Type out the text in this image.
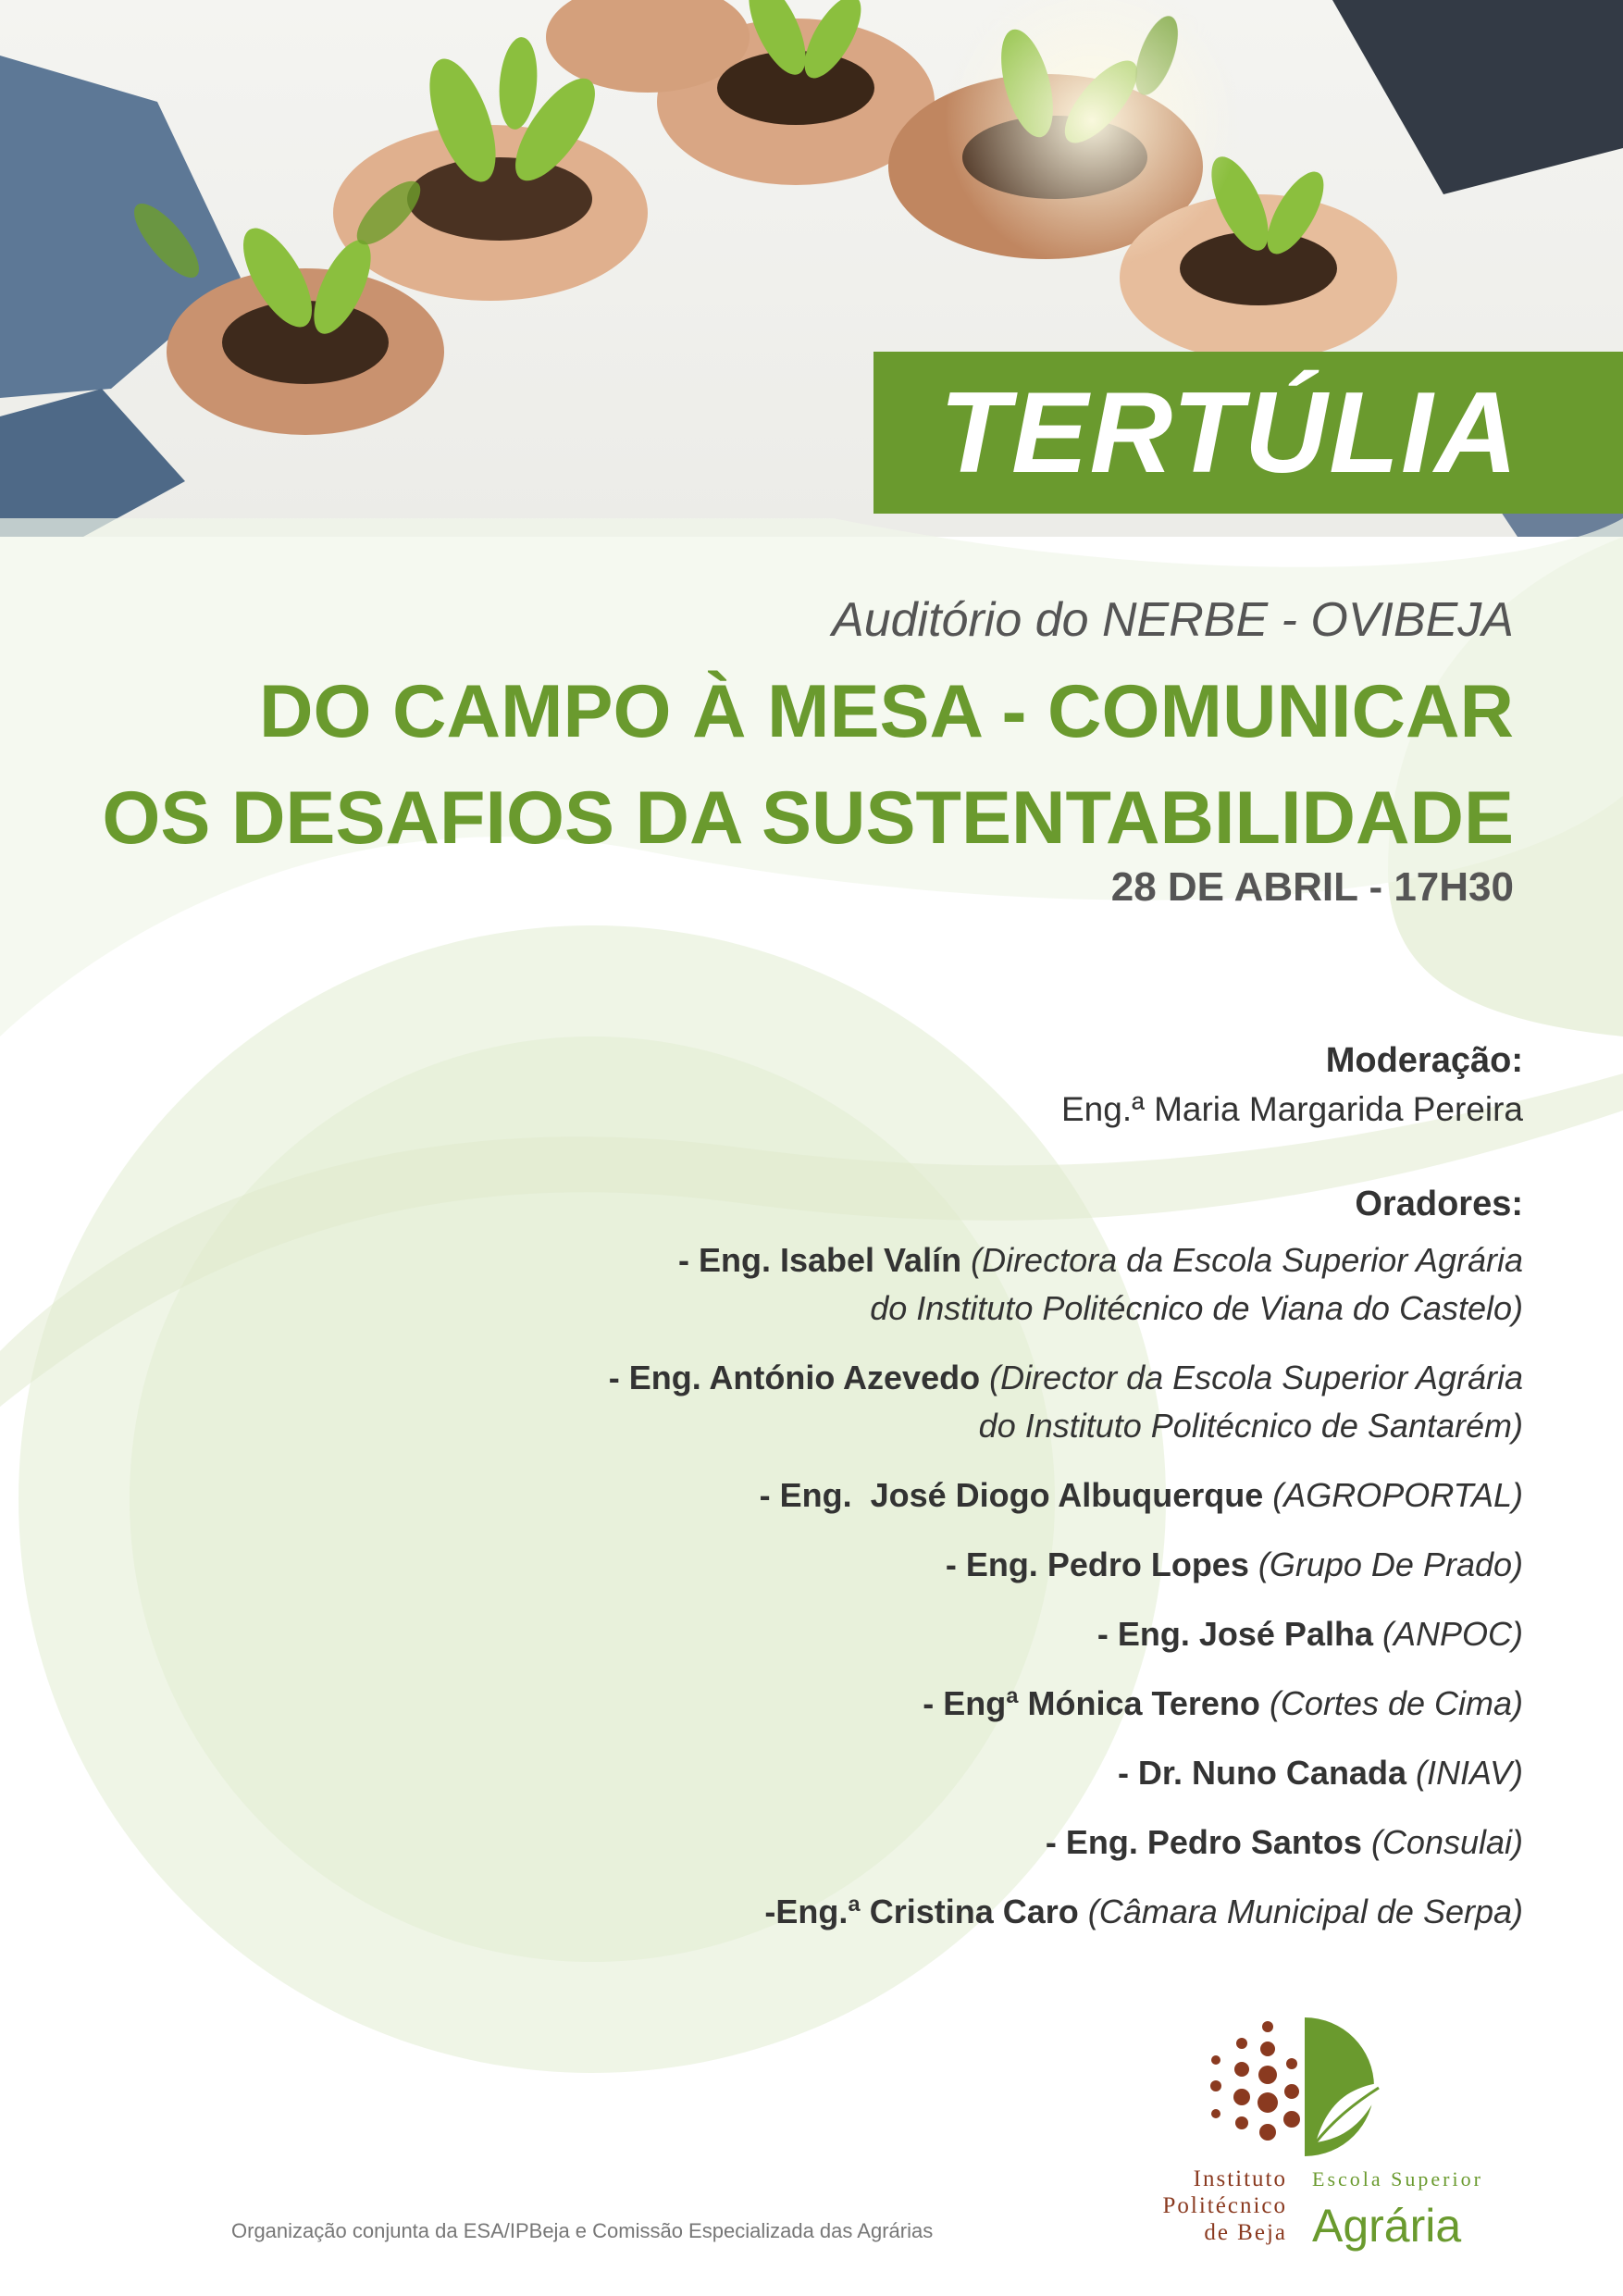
TERTÚLIA
Auditório do NERBE - OVIBEJA
DO CAMPO À MESA - COMUNICAR
OS DESAFIOS DA SUSTENTABILIDADE
28 DE ABRIL - 17H30
Moderação:
Eng.ª Maria Margarida Pereira
Oradores:
- Eng. Isabel Valín (Directora da Escola Superior Agrária
do Instituto Politécnico de Viana do Castelo)
- Eng. António Azevedo (Director da Escola Superior Agrária
do Instituto Politécnico de Santarém)
- Eng.  José Diogo Albuquerque (AGROPORTAL)
- Eng. Pedro Lopes (Grupo De Prado)
- Eng. José Palha (ANPOC)
- Engª Mónica Tereno (Cortes de Cima)
- Dr. Nuno Canada (INIAV)
- Eng. Pedro Santos (Consulai)
-Eng.ª Cristina Caro (Câmara Municipal de Serpa)
Instituto
Politécnico
de Beja
Escola Superior
Agrária
Organização conjunta da ESA/IPBeja e Comissão Especializada das Agrárias
